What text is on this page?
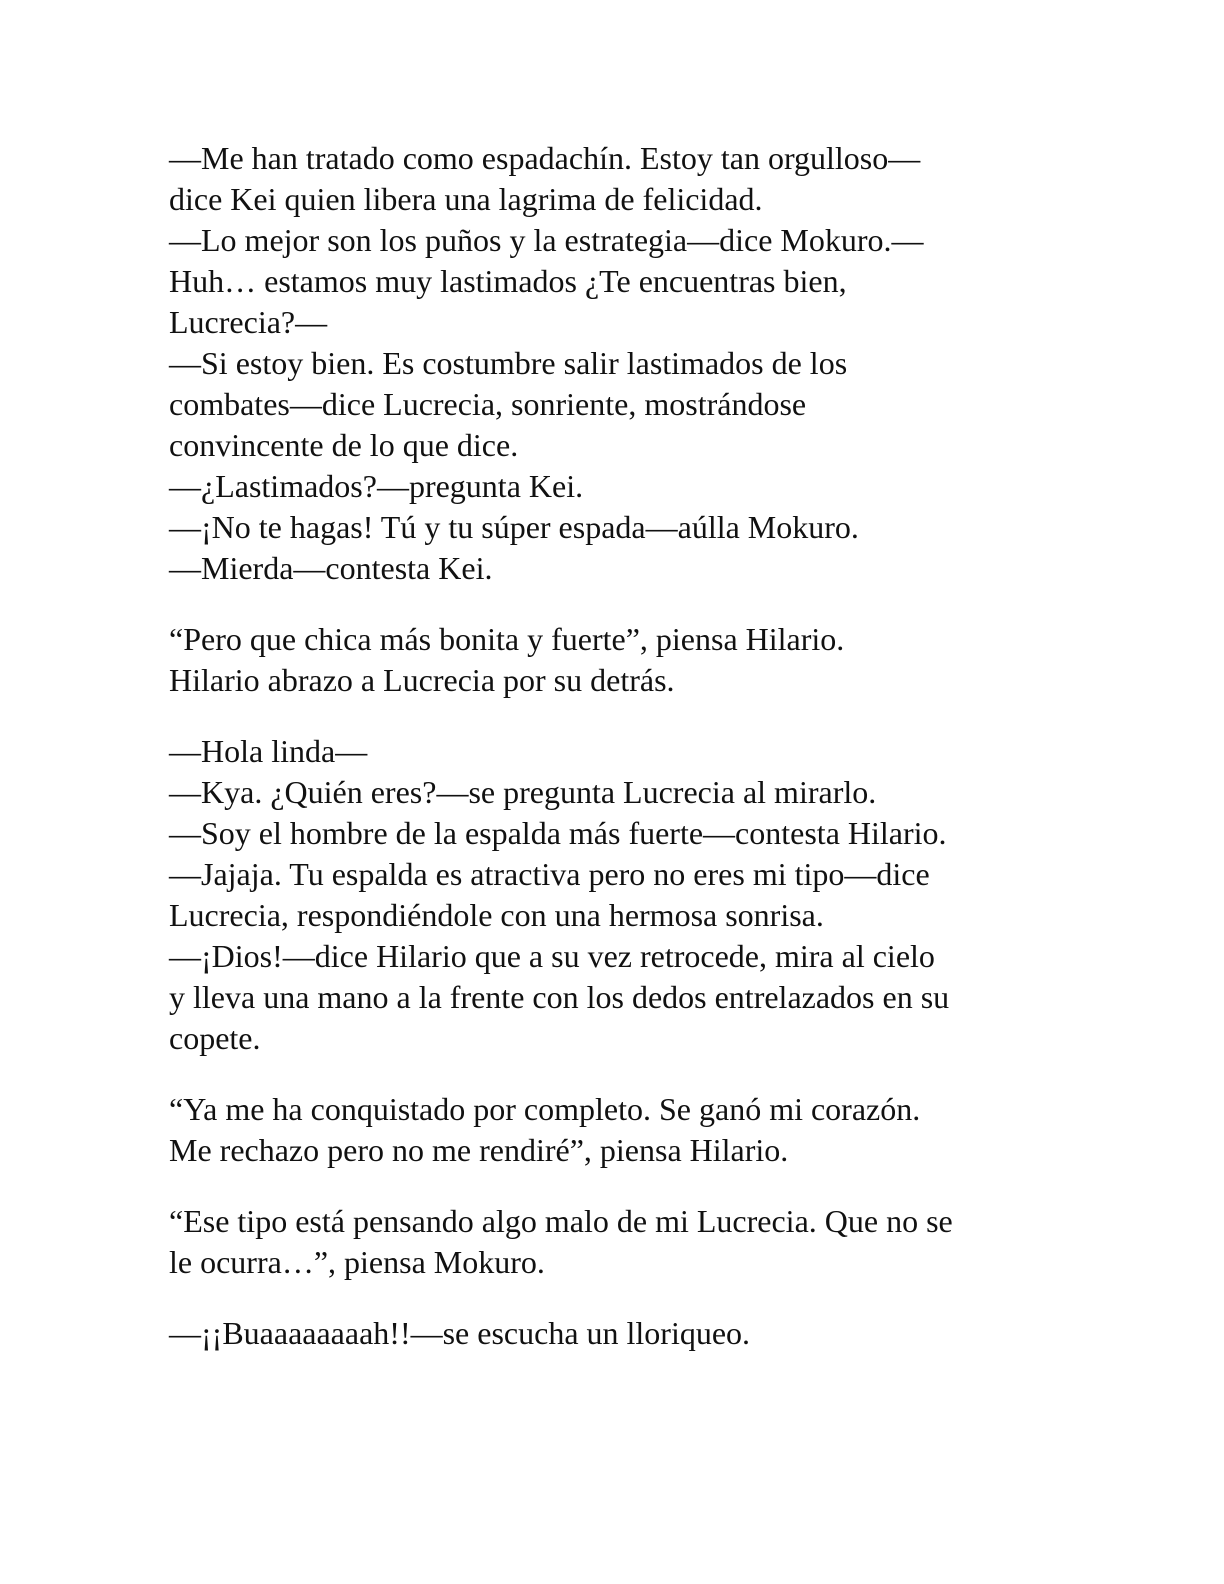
—Me han tratado como espadachín. Estoy tan orgulloso—
dice Kei quien libera una lagrima de felicidad.
—Lo mejor son los puños y la estrategia—dice Mokuro.—
Huh… estamos muy lastimados ¿Te encuentras bien,
Lucrecia?—
—Si estoy bien. Es costumbre salir lastimados de los
combates—dice Lucrecia, sonriente, mostrándose
convincente de lo que dice.
—¿Lastimados?—pregunta Kei.
—¡No te hagas! Tú y tu súper espada—aúlla Mokuro.
—Mierda—contesta Kei.
“Pero que chica más bonita y fuerte”, piensa Hilario.
Hilario abrazo a Lucrecia por su detrás.
—Hola linda—
—Kya. ¿Quién eres?—se pregunta Lucrecia al mirarlo.
—Soy el hombre de la espalda más fuerte—contesta Hilario.
—Jajaja. Tu espalda es atractiva pero no eres mi tipo—dice
Lucrecia, respondiéndole con una hermosa sonrisa.
—¡Dios!—dice Hilario que a su vez retrocede, mira al cielo
y lleva una mano a la frente con los dedos entrelazados en su
copete.
“Ya me ha conquistado por completo. Se ganó mi corazón.
Me rechazo pero no me rendiré”, piensa Hilario.
“Ese tipo está pensando algo malo de mi Lucrecia. Que no se
le ocurra…”, piensa Mokuro.
—¡¡Buaaaaaaaah!!—se escucha un lloriqueo.
